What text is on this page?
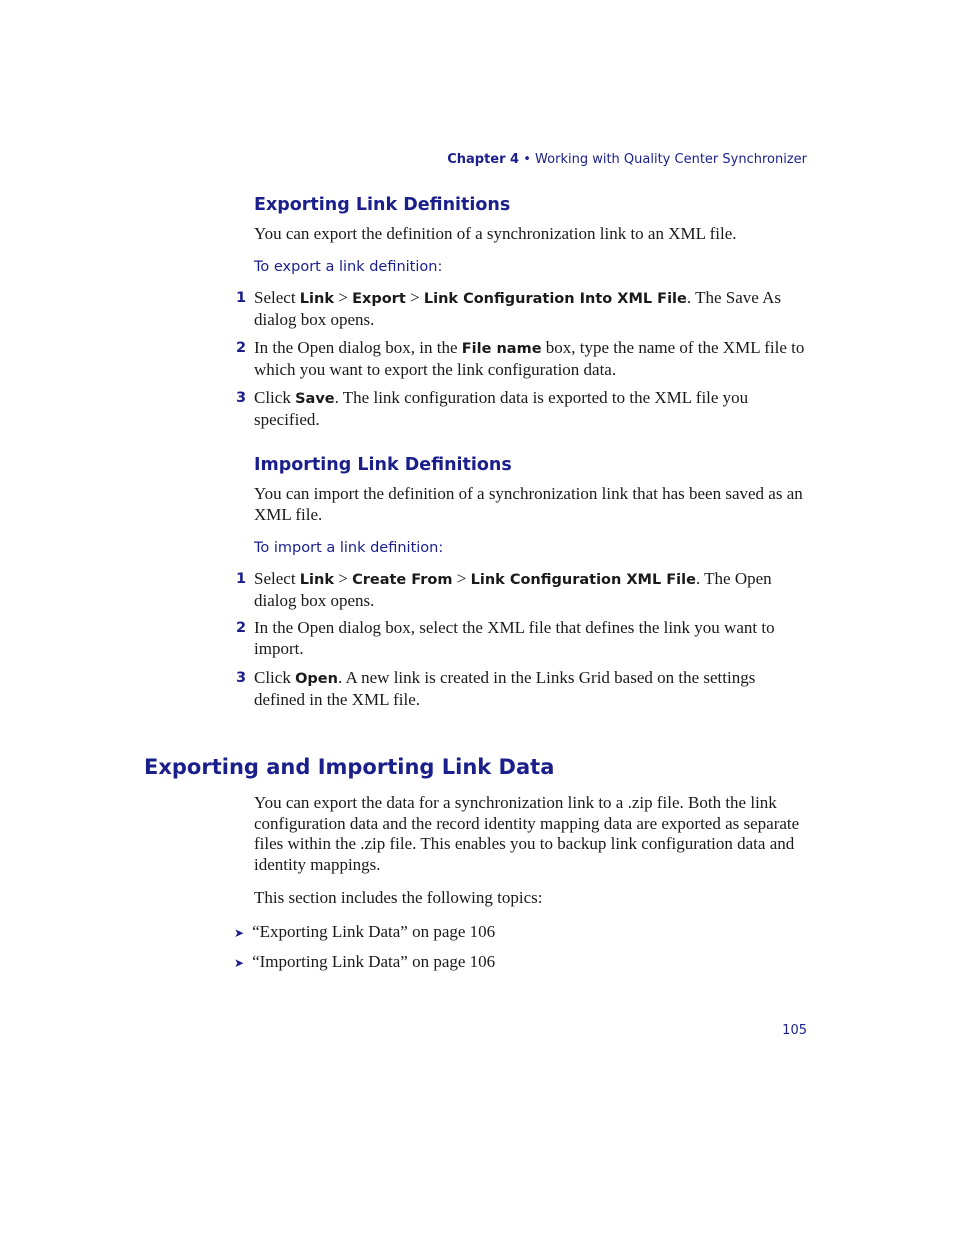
Chapter 4 • Working with Quality Center Synchronizer
Exporting Link Definitions
You can export the definition of a synchronization link to an XML file.
To export a link definition:
1 Select Link > Export > Link Configuration Into XML File. The Save As dialog box opens.
2 In the Open dialog box, in the File name box, type the name of the XML file to which you want to export the link configuration data.
3 Click Save. The link configuration data is exported to the XML file you specified.
Importing Link Definitions
You can import the definition of a synchronization link that has been saved as an XML file.
To import a link definition:
1 Select Link > Create From > Link Configuration XML File. The Open dialog box opens.
2 In the Open dialog box, select the XML file that defines the link you want to import.
3 Click Open. A new link is created in the Links Grid based on the settings defined in the XML file.
Exporting and Importing Link Data
You can export the data for a synchronization link to a .zip file. Both the link configuration data and the record identity mapping data are exported as separate files within the .zip file. This enables you to backup link configuration data and identity mappings.
This section includes the following topics:
➤ “Exporting Link Data” on page 106
➤ “Importing Link Data” on page 106
105
